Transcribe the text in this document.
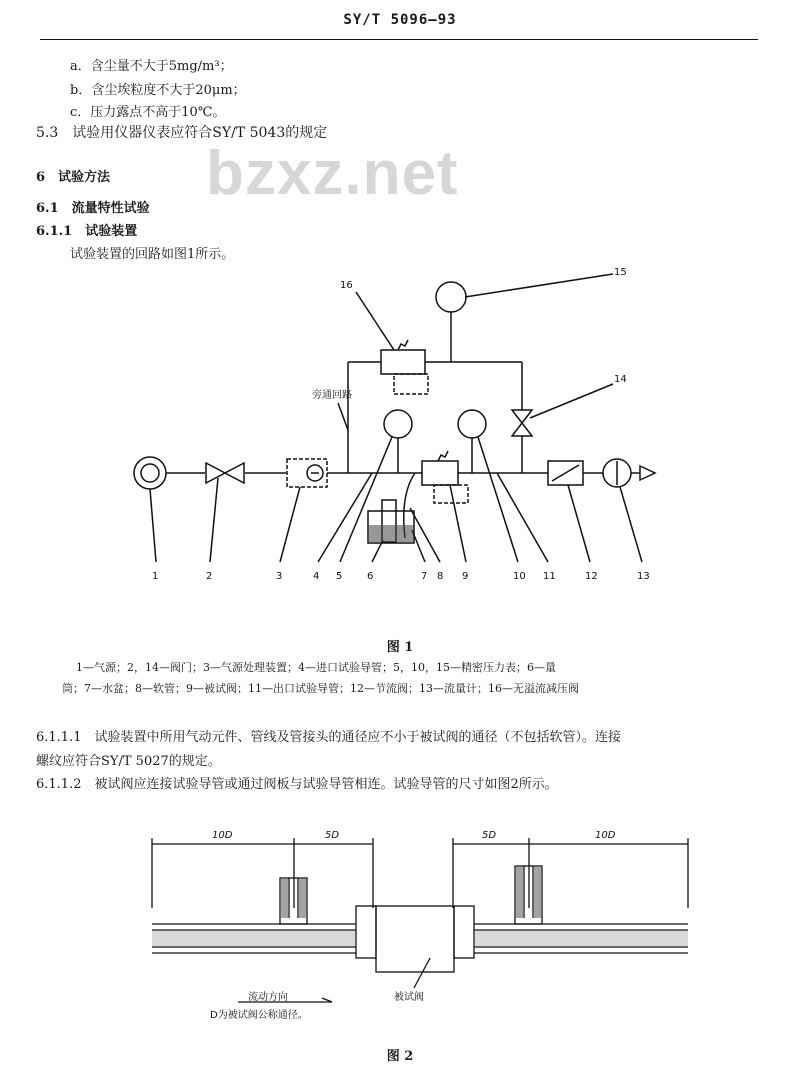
SY/T 5096—93
a．含尘量不大于5mg/m³；
b．含尘埃粒度不大于20μm；
c．压力露点不高于10℃。
5.3　试验用仪器仪表应符合SY/T 5043的规定
bzxz.net
6　试验方法
6.1　流量特性试验
6.1.1　试验装置
试验装置的回路如图1所示。
旁通回路
1	2	3	4 5 6	7 8 9	10 11	12	13
14
15
16
图 1
1—气源；2，14—阀门；3—气源处理装置；4—进口试验导管；5，10，15—精密压力表；6—量
筒；7—水盆；8—软管；9—被试阀；11—出口试验导管；12—节流阀；13—流量计；16—无溢流减压阀
6.1.1.1　试验装置中所用气动元件、管线及管接头的通径应不小于被试阀的通径（不包括软管）。连接
螺纹应符合SY/T 5027的规定。
6.1.1.2　被试阀应连接试验导管或通过阀板与试验导管相连。试验导管的尺寸如图2所示。
10D	5D	5D	10D
被试阀
流动方向
D为被试阀公称通径。
图 2
